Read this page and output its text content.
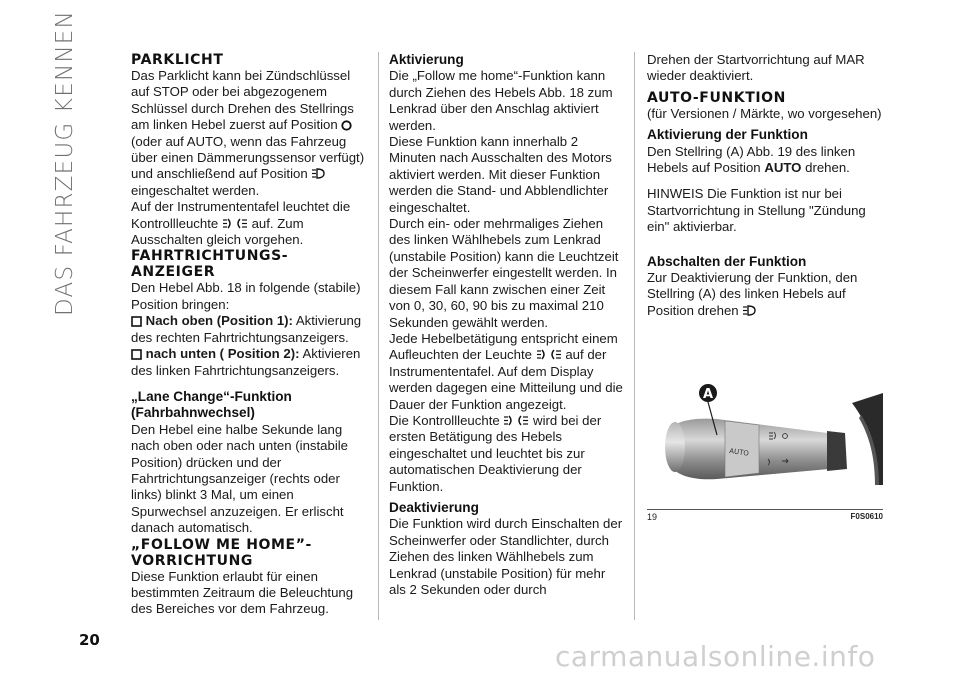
DAS FAHRZEUG KENNEN	PARKLICHT
Das Parklicht kann bei Zündschlüssel auf STOP oder bei abgezogenem Schlüssel durch Drehen des Stellrings am linken Hebel zuerst auf Position  (oder auf AUTO, wenn das Fahrzeug über einen Dämmerungssensor verfügt) und anschließend auf Position  eingeschaltet werden.
Auf der Instrumententafel leuchtet die Kontrollleuchte	auf. Zum Ausschalten gleich vorgehen.
FAHRTRICHTUNGS-ANZEIGER
Den Hebel Abb. 18 in folgende (stabile) Position bringen:
Nach oben (Position 1): Aktivierung des rechten Fahrtrichtungsanzeigers.
nach unten ( Position 2): Aktivieren des linken Fahrtrichtungsanzeigers.
„Lane Change“-Funktion (Fahrbahnwechsel)
Den Hebel eine halbe Sekunde lang nach oben oder nach unten (instabile Position) drücken und der Fahrtrichtungsanzeiger (rechts oder links) blinkt 3 Mal, um einen Spurwechsel anzuzeigen. Er erlischt danach automatisch.
„FOLLOW ME HOME”-VORRICHTUNG
Diese Funktion erlaubt für einen bestimmten Zeitraum die Beleuchtung des Bereiches vor dem Fahrzeug.
Aktivierung
Die „Follow me home“-Funktion kann durch Ziehen des Hebels Abb. 18 zum Lenkrad über den Anschlag aktiviert werden.
Diese Funktion kann innerhalb 2 Minuten nach Ausschalten des Motors aktiviert werden. Mit dieser Funktion werden die Stand- und Abblendlichter eingeschaltet.
Durch ein- oder mehrmaliges Ziehen des linken Wählhebels zum Lenkrad (unstabile Position) kann die Leuchtzeit der Scheinwerfer eingestellt werden. In diesem Fall kann zwischen einer Zeit von 0, 30, 60, 90 bis zu maximal 210 Sekunden gewählt werden.
Jede Hebelbetätigung entspricht einem Aufleuchten der Leuchte	auf der Instrumententafel. Auf dem Display werden dagegen eine Mitteilung und die Dauer der Funktion angezeigt.
Die Kontrollleuchte	wird bei der ersten Betätigung des Hebels eingeschaltet und leuchtet bis zur automatischen Deaktivierung der Funktion.
Deaktivierung
Die Funktion wird durch Einschalten der Scheinwerfer oder Standlichter, durch Ziehen des linken Wählhebels zum Lenkrad (unstabile Position) für mehr als 2 Sekunden oder durch
Drehen der Startvorrichtung auf MAR wieder deaktiviert.
AUTO-FUNKTION
(für Versionen / Märkte, wo vorgesehen)
Aktivierung der Funktion
Den Stellring (A) Abb. 19 des linken Hebels auf Position AUTO drehen.
HINWEIS Die Funktion ist nur bei Startvorrichtung in Stellung "Zündung ein" aktivierbar.
Abschalten der Funktion
Zur Deaktivierung der Funktion, den Stellring (A) des linken Hebels auf Position drehen
A
AUTO
19	F0S0610
20	carmanualsonline.info
